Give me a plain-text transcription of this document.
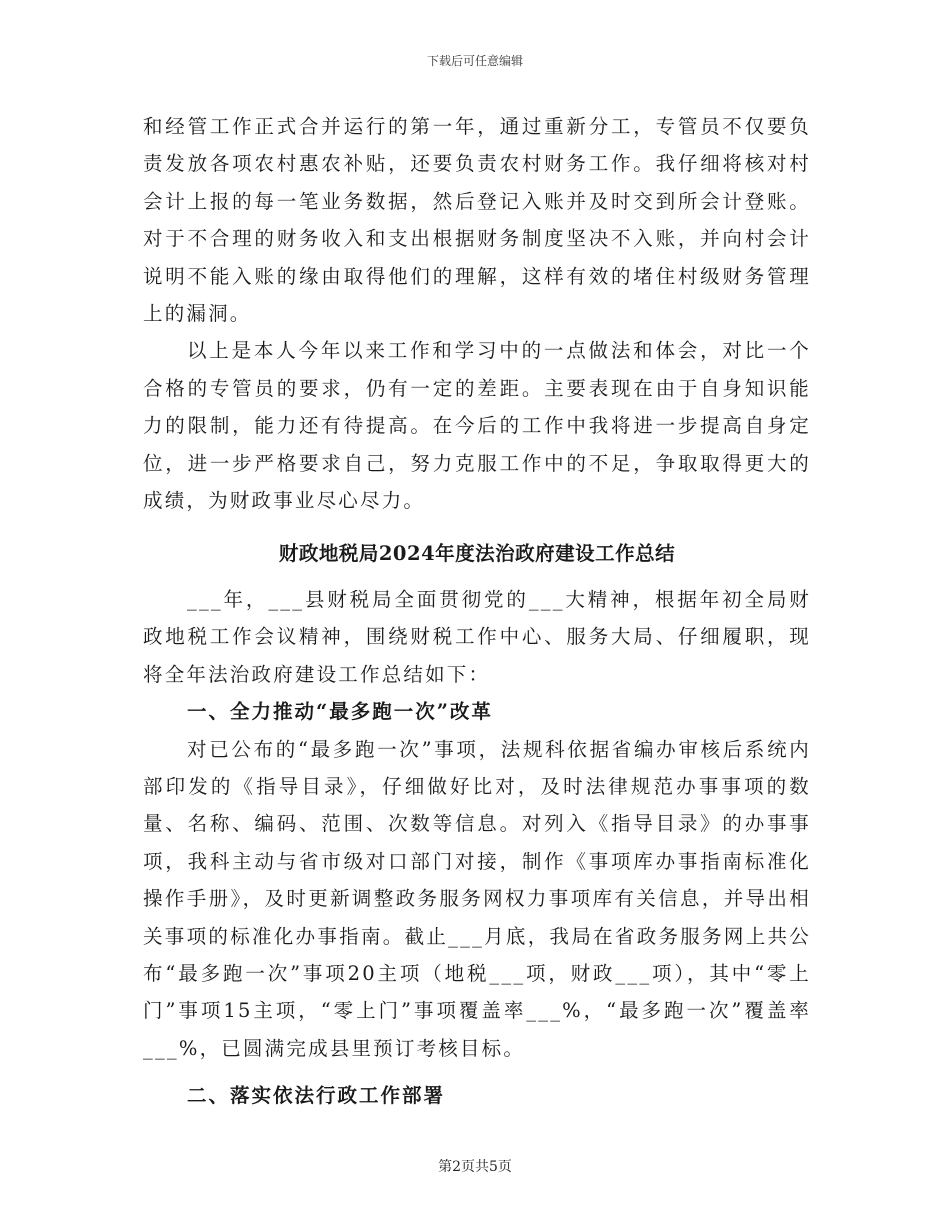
下载后可任意编辑

和经管工作正式合并运行的第一年，通过重新分工，专管员不仅要负责发放各项农村惠农补贴，还要负责农村财务工作。我仔细将核对村会计上报的每一笔业务数据，然后登记入账并及时交到所会计登账。对于不合理的财务收入和支出根据财务制度坚决不入账，并向村会计说明不能入账的缘由取得他们的理解，这样有效的堵住村级财务管理上的漏洞。

以上是本人今年以来工作和学习中的一点做法和体会，对比一个合格的专管员的要求，仍有一定的差距。主要表现在由于自身知识能力的限制，能力还有待提高。在今后的工作中我将进一步提高自身定位，进一步严格要求自己，努力克服工作中的不足，争取取得更大的成绩，为财政事业尽心尽力。

财政地税局2024年度法治政府建设工作总结

___年，___县财税局全面贯彻党的___大精神，根据年初全局财政地税工作会议精神，围绕财税工作中心、服务大局、仔细履职，现将全年法治政府建设工作总结如下：

一、全力推动“最多跑一次”改革

对已公布的“最多跑一次”事项，法规科依据省编办审核后系统内部印发的《指导目录》，仔细做好比对，及时法律规范办事事项的数量、名称、编码、范围、次数等信息。对列入《指导目录》的办事事项，我科主动与省市级对口部门对接，制作《事项库办事指南标准化操作手册》，及时更新调整政务服务网权力事项库有关信息，并导出相关事项的标准化办事指南。截止___月底，我局在省政务服务网上共公布“最多跑一次”事项20主项（地税___项，财政___项），其中“零上门”事项15主项，“零上门”事项覆盖率___%，“最多跑一次”覆盖率___%，已圆满完成县里预订考核目标。

二、落实依法行政工作部署
第2页共5页
